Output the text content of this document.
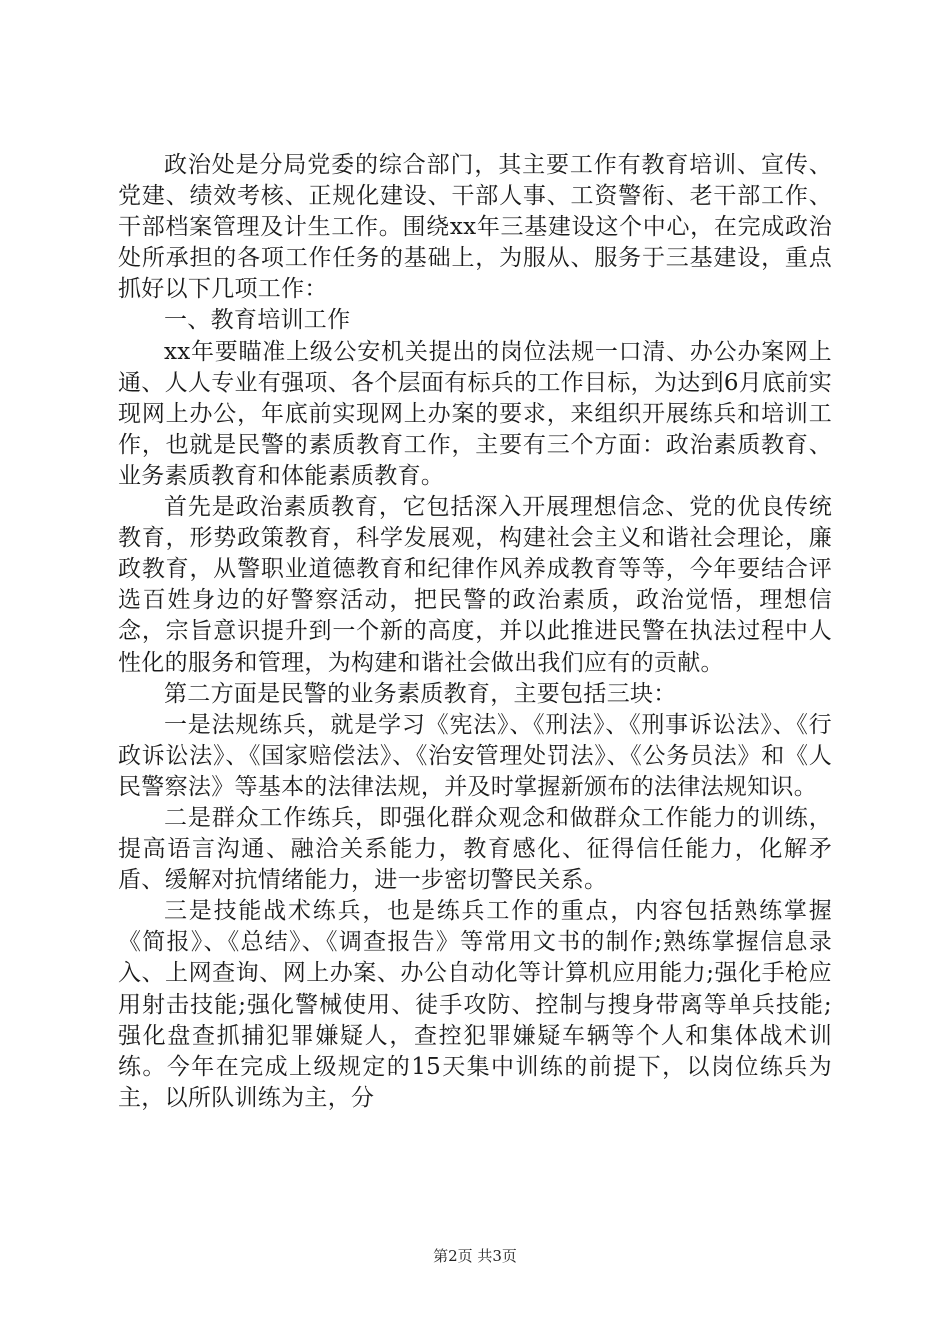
政治处是分局党委的综合部门，其主要工作有教育培训、宣传、党建、绩效考核、正规化建设、干部人事、工资警衔、老干部工作、干部档案管理及计生工作。围绕xx年三基建设这个中心，在完成政治处所承担的各项工作任务的基础上，为服从、服务于三基建设，重点抓好以下几项工作：

一、教育培训工作

xx年要瞄准上级公安机关提出的岗位法规一口清、办公办案网上通、人人专业有强项、各个层面有标兵的工作目标，为达到6月底前实现网上办公，年底前实现网上办案的要求，来组织开展练兵和培训工作，也就是民警的素质教育工作，主要有三个方面：政治素质教育、业务素质教育和体能素质教育。

首先是政治素质教育，它包括深入开展理想信念、党的优良传统教育，形势政策教育，科学发展观，构建社会主义和谐社会理论，廉政教育，从警职业道德教育和纪律作风养成教育等等，今年要结合评选百姓身边的好警察活动，把民警的政治素质，政治觉悟，理想信念，宗旨意识提升到一个新的高度，并以此推进民警在执法过程中人性化的服务和管理，为构建和谐社会做出我们应有的贡献。

第二方面是民警的业务素质教育，主要包括三块：

一是法规练兵，就是学习《宪法》、《刑法》、《刑事诉讼法》、《行政诉讼法》、《国家赔偿法》、《治安管理处罚法》、《公务员法》和《人民警察法》等基本的法律法规，并及时掌握新颁布的法律法规知识。

二是群众工作练兵，即强化群众观念和做群众工作能力的训练，提高语言沟通、融洽关系能力，教育感化、征得信任能力，化解矛盾、缓解对抗情绪能力，进一步密切警民关系。

三是技能战术练兵，也是练兵工作的重点，内容包括熟练掌握《简报》、《总结》、《调查报告》等常用文书的制作;熟练掌握信息录入、上网查询、网上办案、办公自动化等计算机应用能力;强化手枪应用射击技能;强化警械使用、徒手攻防、控制与搜身带离等单兵技能;强化盘查抓捕犯罪嫌疑人，查控犯罪嫌疑车辆等个人和集体战术训练。今年在完成上级规定的15天集中训练的前提下，以岗位练兵为主，以所队训练为主，分

第2页 共3页
